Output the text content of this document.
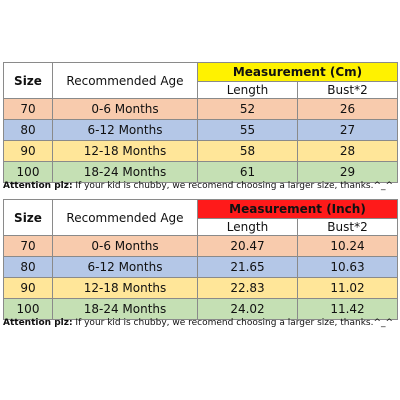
Size	Recommended Age	Measurement (Cm)	
		Length	Bust*2
70	0-6 Months	52	26
80	6-12 Months	55	27
90	12-18 Months	58	28
100	18-24 Months	61	29
Attention plz: If your kid is chubby, we recomend choosing a larger size, thanks.^_^
Size	Recommended Age	Measurement (Inch)	
		Length	Bust*2
70	0-6 Months	20.47	10.24
80	6-12 Months	21.65	10.63
90	12-18 Months	22.83	11.02
100	18-24 Months	24.02	11.42
Attention plz: If your kid is chubby, we recomend choosing a larger size, thanks.^_^
